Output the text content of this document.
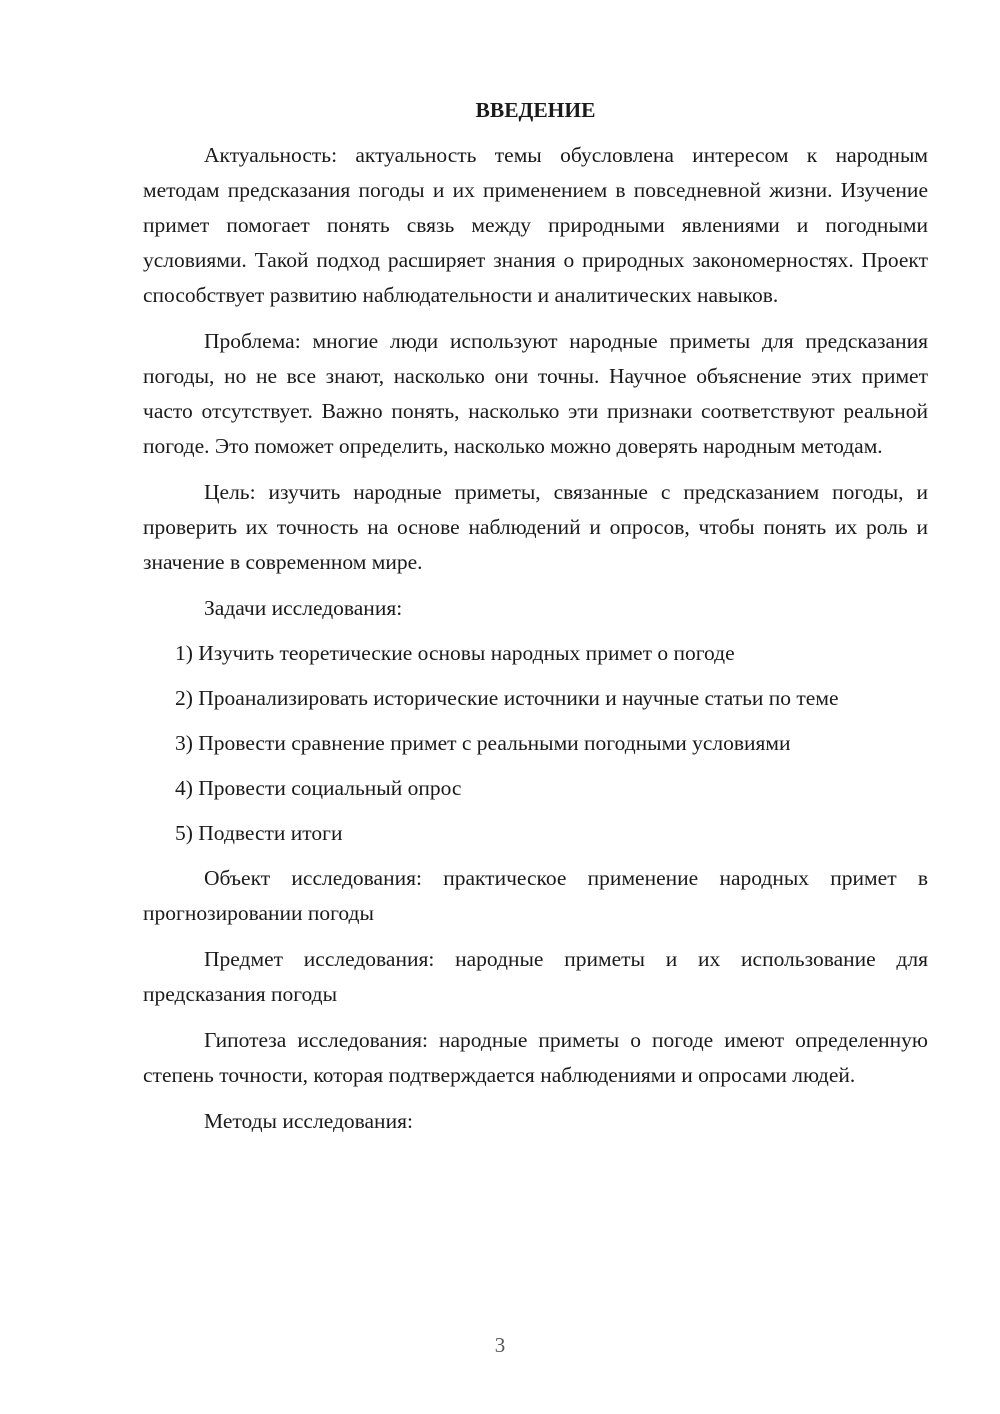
ВВЕДЕНИЕ

Актуальность: актуальность темы обусловлена интересом к народным методам предсказания погоды и их применением в повседневной жизни. Изучение примет помогает понять связь между природными явлениями и погодными условиями. Такой подход расширяет знания о природных закономерностях. Проект способствует развитию наблюдательности и аналитических навыков.

Проблема: многие люди используют народные приметы для предсказания погоды, но не все знают, насколько они точны. Научное объяснение этих примет часто отсутствует. Важно понять, насколько эти признаки соответствуют реальной погоде. Это поможет определить, насколько можно доверять народным методам.

Цель: изучить народные приметы, связанные с предсказанием погоды, и проверить их точность на основе наблюдений и опросов, чтобы понять их роль и значение в современном мире.

Задачи исследования:

1) Изучить теоретические основы народных примет о погоде

2) Проанализировать исторические источники и научные статьи по теме

3) Провести сравнение примет с реальными погодными условиями

4) Провести социальный опрос

5) Подвести итоги

Объект исследования: практическое применение народных примет в прогнозировании погоды

Предмет исследования: народные приметы и их использование для предсказания погоды

Гипотеза исследования: народные приметы о погоде имеют определенную степень точности, которая подтверждается наблюдениями и опросами людей.

Методы исследования:

3
